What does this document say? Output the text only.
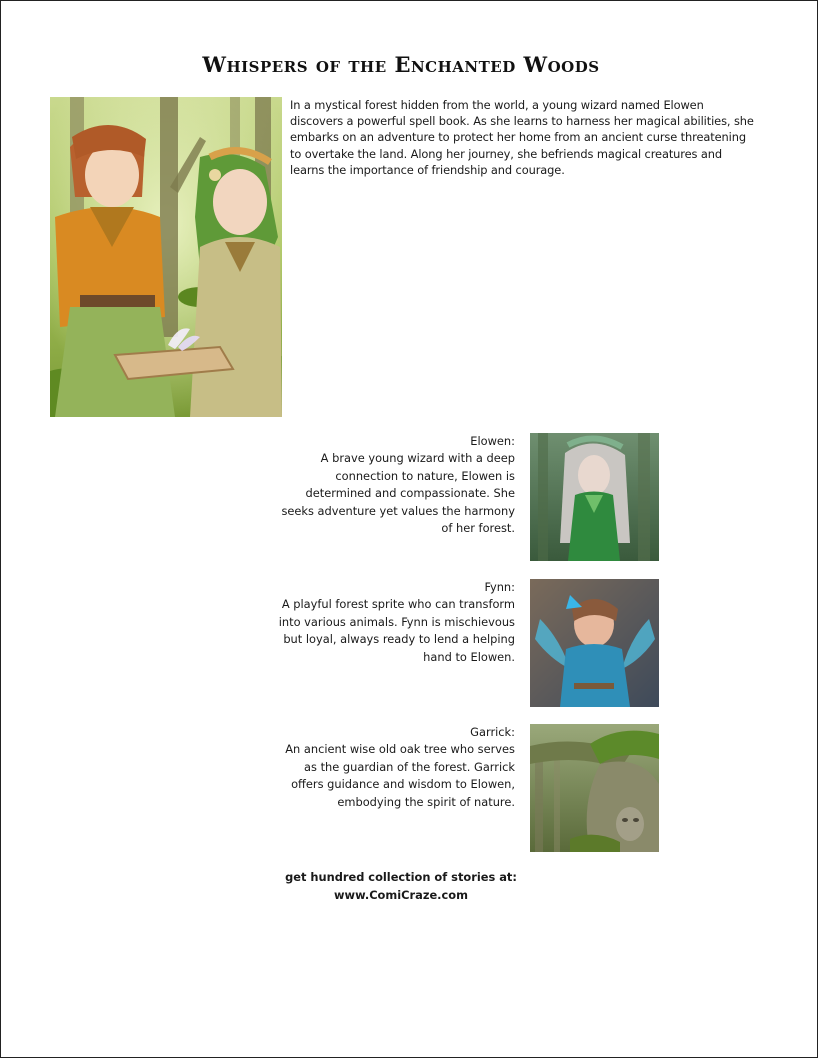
Whispers of the Enchanted Woods
In a mystical forest hidden from the world, a young wizard named Elowen discovers a powerful spell book. As she learns to harness her magical abilities, she embarks on an adventure to protect her home from an ancient curse threatening to overtake the land. Along her journey, she befriends magical creatures and learns the importance of friendship and courage.
Elowen:
A brave young wizard with a deep connection to nature, Elowen is determined and compassionate. She seeks adventure yet values the harmony of her forest.
Fynn:
A playful forest sprite who can transform into various animals. Fynn is mischievous but loyal, always ready to lend a helping hand to Elowen.
Garrick:
An ancient wise old oak tree who serves as the guardian of the forest. Garrick offers guidance and wisdom to Elowen, embodying the spirit of nature.
get hundred collection of stories at:
www.ComiCraze.com
